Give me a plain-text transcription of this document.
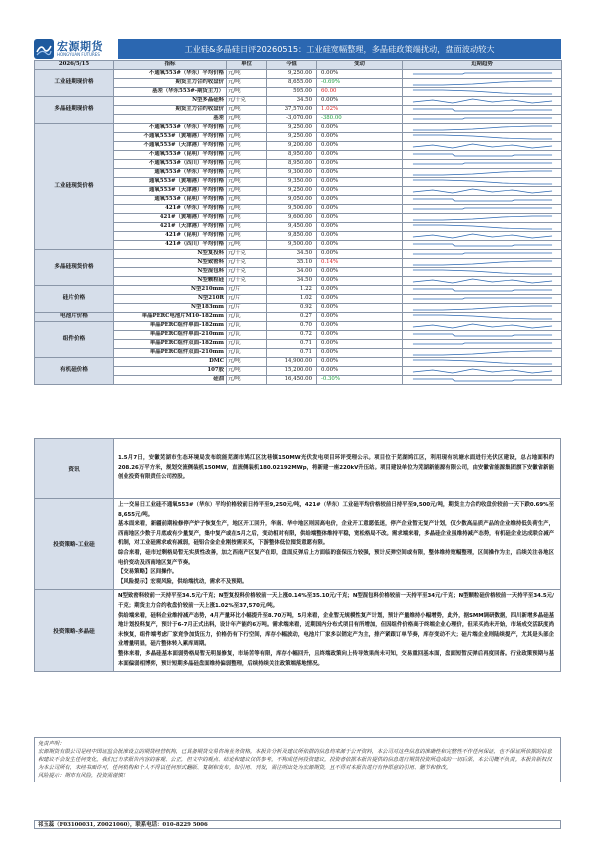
宏源期货
HONGYUAN FUTURES
工业硅&多晶硅日评20260515：工业硅宽幅整理，多晶硅政策端扰动，盘面波动较大
2026/5/15	指标	单位	今值	变动	近期趋势
工业硅期现价格	不通氧553#（华东）平均价格	元/吨	9,250.00	0.00%	

	期货主力合约收盘价	元/吨	8,655.00	-0.69%	

	基差（华东553#-期货主力）	元/吨	595.00	60.00	

多晶硅期现价格	N型多晶硅料	元/千克	34.50	0.00%	

	期货主力合约收盘价	元/吨	37,570.00	1.02%	

	基差	元/吨	-3,070.00	-380.00	

工业硅现货价格	不通氧553#（华东）平均价格	元/吨	9,250.00	0.00%	

	不通氧553#（黄埔港）平均价格	元/吨	9,250.00	0.00%	

	不通氧553#（天津港）平均价格	元/吨	9,200.00	0.00%	

	不通氧553#（昆明）平均价格	元/吨	8,950.00	0.00%	

	不通氧553#（四川）平均价格	元/吨	8,950.00	0.00%	

	通氧553#（华东）平均价格	元/吨	9,300.00	0.00%	

	通氧553#（黄埔港）平均价格	元/吨	9,350.00	0.00%	

	通氧553#（天津港）平均价格	元/吨	9,250.00	0.00%	

	通氧553#（昆明）平均价格	元/吨	9,050.00	0.00%	

	421#（华东）平均价格	元/吨	9,500.00	0.00%	

	421#（黄埔港）平均价格	元/吨	9,600.00	0.00%	

	421#（天津港）平均价格	元/吨	9,450.00	0.00%	

	421#（昆明）平均价格	元/吨	9,850.00	0.00%	

	421#（四川）平均价格	元/吨	9,500.00	0.00%	

多晶硅现货价格	N型复投料	元/千克	34.50	0.00%	

	N型致密料	元/千克	35.10	0.14%	

	N型混包料	元/千克	34.00	0.00%	

	N型颗粒硅	元/千克	34.50	0.00%	

硅片价格	N型210mm	元/片	1.22	0.00%	

	N型210R	元/片	1.02	0.00%	

	N型183mm	元/片	0.92	0.00%	

电池片价格	单晶PERC电池片M10-182mm	元/瓦	0.27	0.00%	

组件价格	单晶PERC组件单面-182mm	元/瓦	0.70	0.00%	

	单晶PERC组件单面-210mm	元/瓦	0.72	0.00%	

	单晶PERC组件双面-182mm	元/瓦	0.71	0.00%	

	单晶PERC组件双面-210mm	元/瓦	0.71	0.00%	

有机硅价格	DMC	元/吨	14,900.00	0.00%	

	107胶	元/吨	15,200.00	0.00%	

	硅油	元/吨	16,450.00	-0.30%	
资讯	1.5月7日，安徽芜湖市生态环境局发布皖能芜湖市鸠江区沈巷镇150MW光伏发电项目环评受理公示。项目位于芜湖鸠江区，利用现有坑塘水面进行光伏区建设，总占地面积约208.26万平方米，规划交流侧装机150MW，直流侧装机180.02192MWp，将新建一座220kV升压站。项目建设单位为芜湖新能源有限公司，由安徽省能源集团旗下安徽省新能创业投资有限责任公司控股。
投资策略-工业硅	上一交易日工业硅不通氧553#（华东）平均价格较前日持平至9,250元/吨，421#（华东）工业硅平均价格较前日持平至9,500元/吨，期货主力合约收盘价较前一天下跌0.69%至8,655元/吨。

基本面来看，新疆前期检修停产炉子恢复生产，地区开工回升，华南、华中地区则因高电价，企业开工意愿低迷，停产企业暂无复产计划，仅少数高品质产品的企业维持低负荷生产，西南地区少数于月底或有少量复产，集中复产或在5月之后，变动相对有限，供给端整体维持平稳，宽松格局不改。需求端来看，多晶硅企业虽维持减产态势，有机硅企业达成联合减产机制，对工业硅需求或有减弱，硅铝合金企业刚按需采买，下游整体低位囤货意愿有限。

综合来看，硅市过剩格局暂无实质性改善，加之西南产区复产在即，盘面反弹后上方面临的套保压力较强，预计反弹空间或有限，整体维持宽幅整理，区间操作为主，后续关注各地区电价变动及西南地区复产节奏。

【交易策略】区间操作。

【风险提示】宏观风险，供给端扰动，需求不及预期。

投资策略-多晶硅	N型致密料较前一天持平至34.5元/千克；N型复投料价格较前一天上涨0.14%至35.10元/千克；N型混包料价格较前一天持平至34元/千克；N型颗粒硅价格较前一天持平至34.5元/千克；期货主力合约收盘价较前一天上涨1.02%至37,570元/吨。

供给端来看，硅料企业维持减产态势，4月产量环比小幅提升至8.70万吨，5月来看，企业暂无规模性复产计划，预计产量维持小幅增势，此外，据SMM调研数据，四川新增多晶硅基地计划投料复产，预计于6-7月正式出料，设计年产能约6万吨。需求端来看，近期国内分布式项目有所增加，但因组件价格高于终端企业心理价，但采买尚未开始，市场成交活跃度尚未恢复，组件端考虑厂家竞争加货压力，价格仍有下行空间，库存小幅波动，电池片厂家多以销定产为主，排产紧跟订单节奏，库存变动不大；硅片端企业则陆续提产，尤其是头部企业增量明显，硅片整体转入累库周期。

整体来看，多晶硅基本面弱势格局暂无明显修复，市场苦等有限，库存小幅回升，且终端政策向上传导效果尚未可知，交易重回基本面，盘面短暂反弹后再度回落。行业政策预期与基本面偏弱相博弈，预计短期多晶硅盘面维持偏弱整理，后续持续关注政策端落地情况。

免责声明：
宏源期货有限公司是经中国证监会批准设立的期货经营机构，已具备期货交易咨询业务资格。本报告分析及建议所依据的信息均来源于公开资料，本公司对这些信息的准确性和完整性不作任何保证，也不保证所依据的信息和建议不会发生任何变化。我们已力求报告内容的客观、公正，但文中的观点、结论和建议仅供参考。不构成任何投资建议。投资者依据本报告提供的信息进行期货投资所造成的一切后果，本公司概不负责。本报告版权仅为本公司所有，未经书面许可，任何机构和个人不得以任何形式翻版、复制和发布。如引用、刊发，需注明出处为宏源期货，且不得对本报告进行有悖原意的引用、删节和修改。
风险提示：期市有风险，投资需谨慎！
祁玉蕊（F03100031, Z0021060），联系电话：010-8229 5006
